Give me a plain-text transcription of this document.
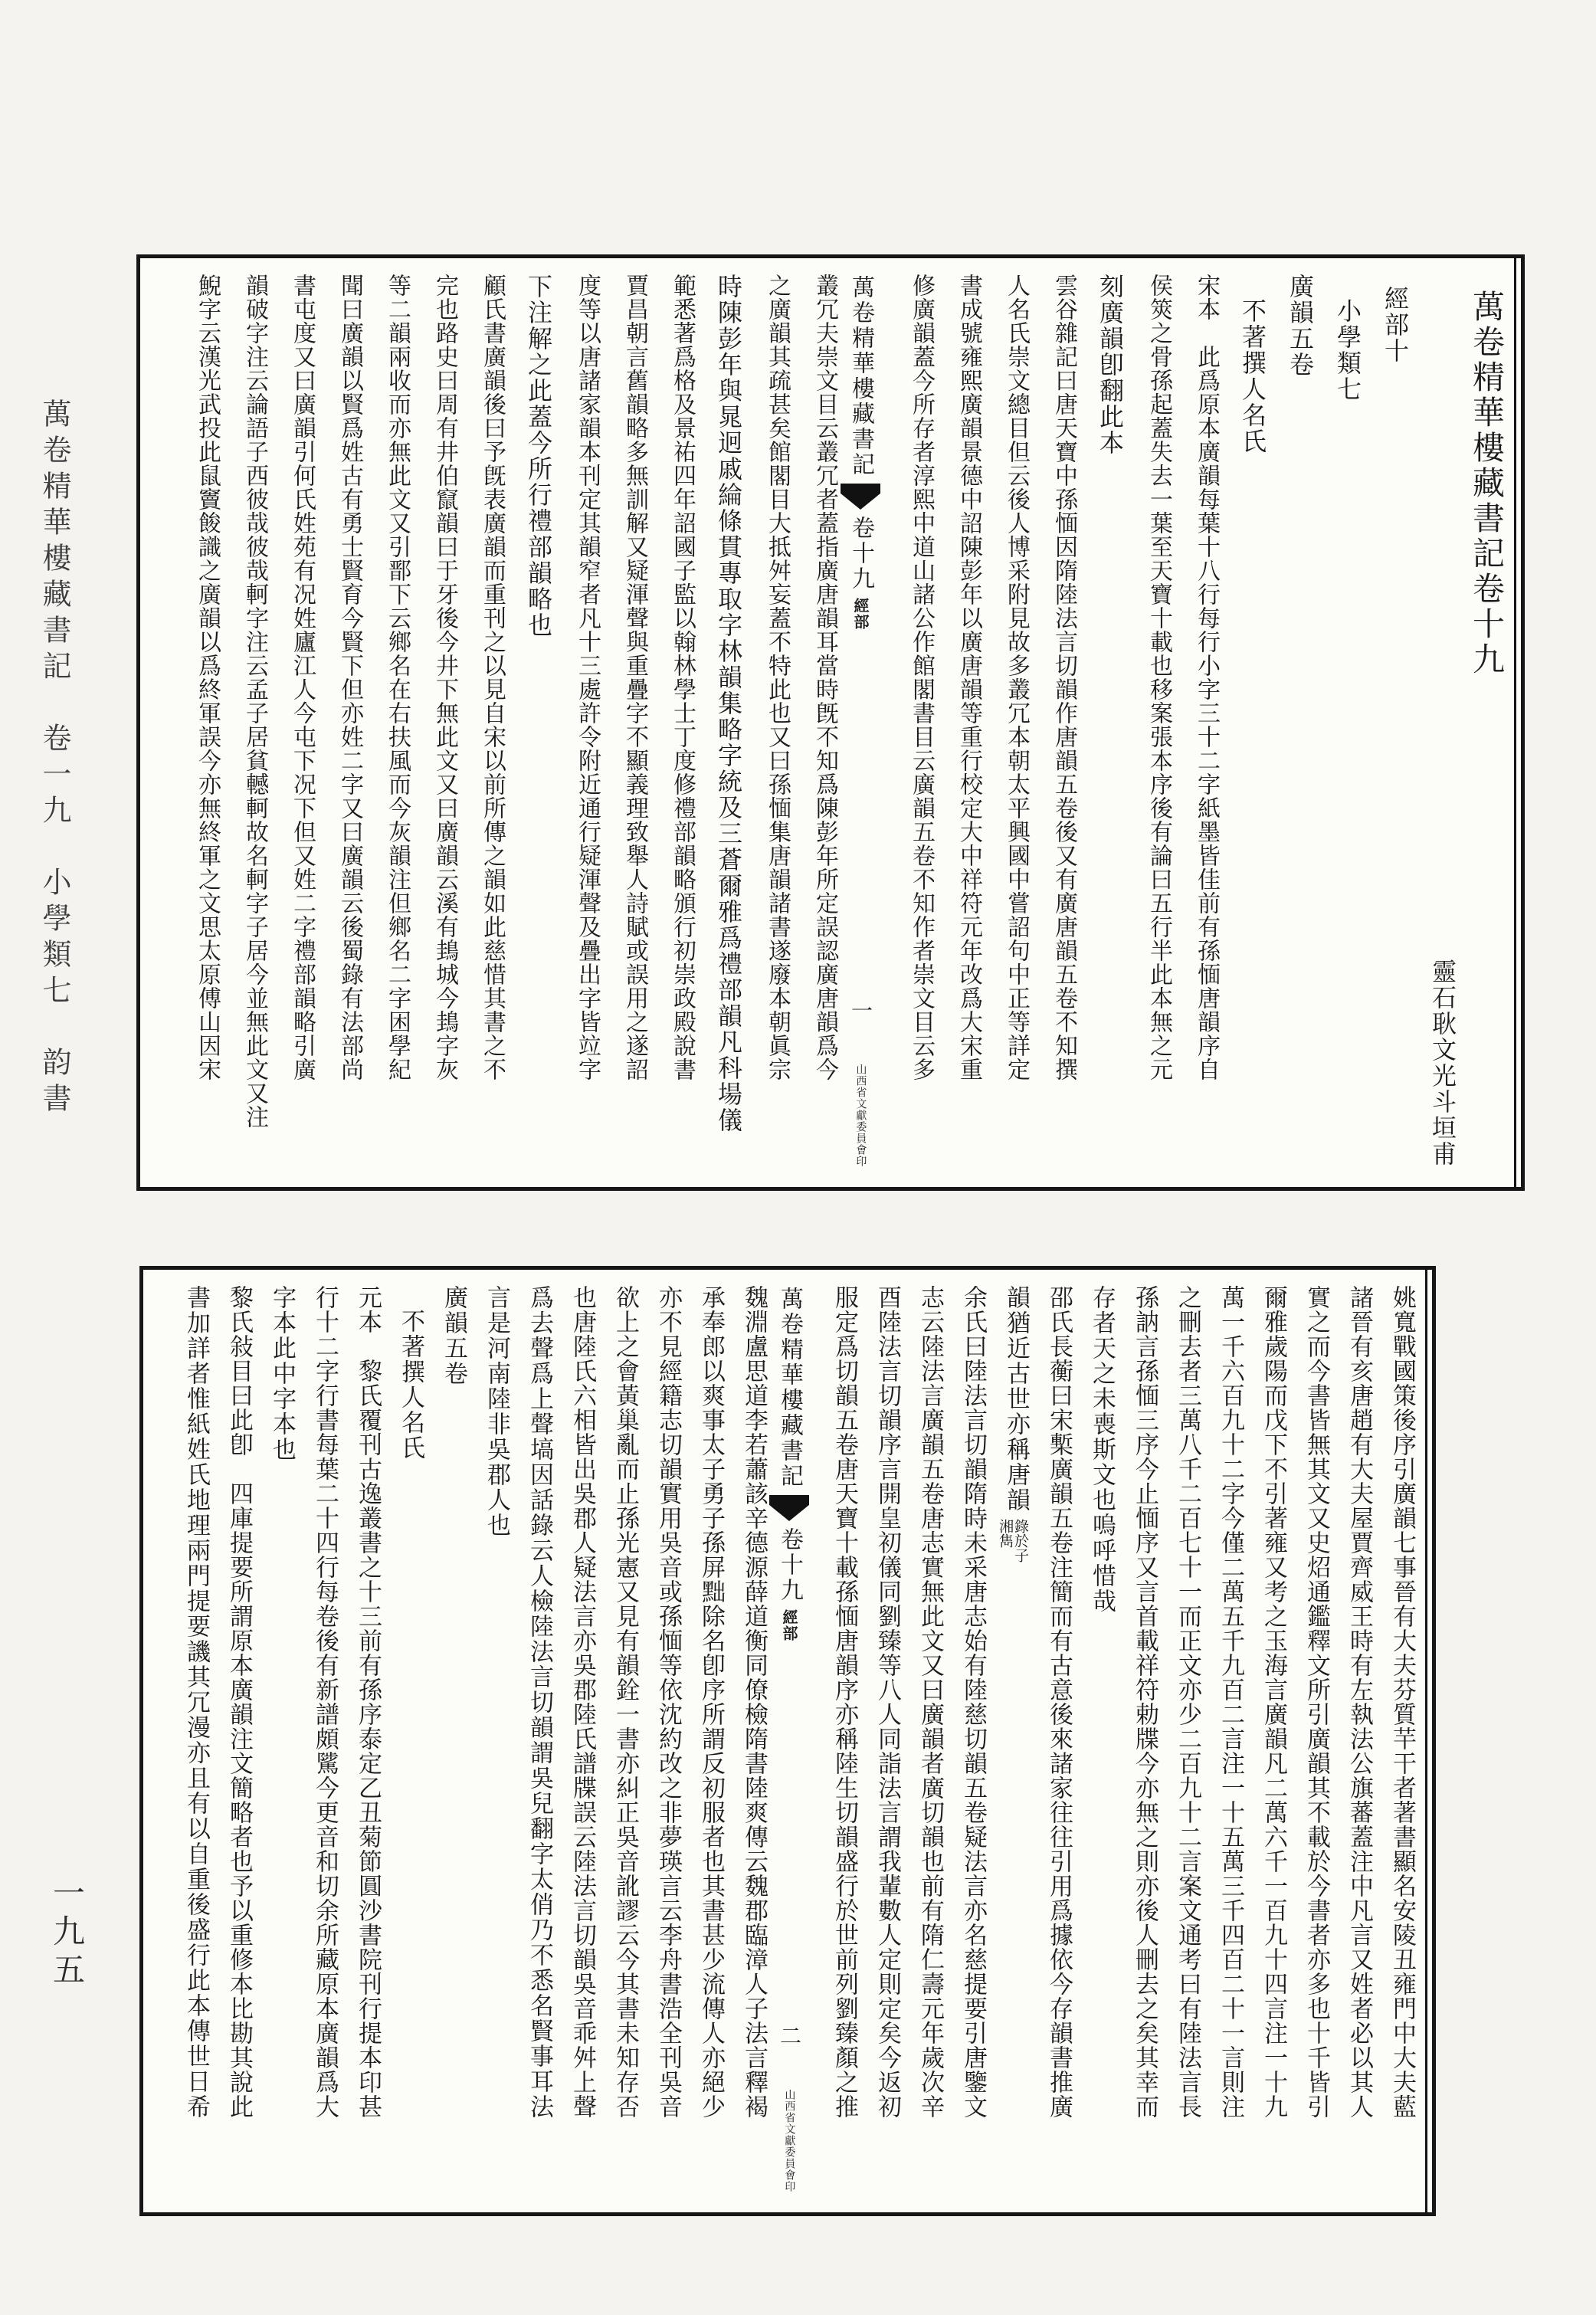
萬卷精華樓藏書記　卷一九　小學類七　韵書
一九五
萬卷精華樓藏書記卷十九
靈石耿文光斗垣甫
經部十
小學類七
廣韻五卷
不著撰人名氏
宋本　此爲原本廣韻每葉十八行每行小字三十二字紙墨皆佳前有孫愐唐韻序自
侯筴之骨孫起蓋失去一葉至天寶十載也移案張本序後有論曰五行半此本無之元
刻廣韻卽翻此本
雲谷雜記曰唐天寶中孫愐因隋陸法言切韻作唐韻五卷後又有廣唐韻五卷不知撰
人名氏崇文總目但云後人博采附見故多叢冗本朝太平興國中嘗詔句中正等詳定
書成號雍熙廣韻景德中詔陳彭年以廣唐韻等重行校定大中祥符元年改爲大宋重
修廣韻蓋今所存者淳熙中道山諸公作館閣書目云廣韻五卷不知作者崇文目云多
萬卷精華樓藏書記
卷十九
經部
一
山西省文獻委員會印
叢冗夫崇文目云叢冗者蓋指廣唐韻耳當時旣不知爲陳彭年所定誤認廣唐韻爲今
之廣韻其疏甚矣館閣目大抵舛妄蓋不特此也又曰孫愐集唐韻諸書遂廢本朝眞宗
時陳彭年與晁迥戚綸條貫專取字林韻集略字統及三蒼爾雅爲禮部韻凡科場儀
範悉著爲格及景祐四年詔國子監以翰林學士丁度修禮部韻略頒行初崇政殿說書
賈昌朝言舊韻略多無訓解又疑渾聲與重疊字不顯義理致舉人詩賦或誤用之遂詔
度等以唐諸家韻本刊定其韻窄者凡十三處許令附近通行疑渾聲及疊出字皆竝字
下注解之此蓋今所行禮部韻略也
顧氏書廣韻後曰予旣表廣韻而重刊之以見自宋以前所傳之韻如此慈惜其書之不
完也路史曰周有井伯竄韻曰于牙後今井下無此文又曰廣韻云溪有䳏城今䳏字灰
等二韻兩收而亦無此文又引鄑下云鄉名在右扶風而今灰韻注但鄉名二字困學紀
聞曰廣韻以賢爲姓古有勇士賢育今賢下但亦姓二字又曰廣韻云後蜀錄有法部尚
書屯度又曰廣韻引何氏姓苑有况姓廬江人今屯下况下但又姓二字禮部韻略引廣
韻破字注云論語子西彼哉彼哉軻字注云孟子居貧轗軻故名軻字子居今並無此文又注
鯢字云漢光武投此鼠竇餕識之廣韻以爲終軍誤今亦無終軍之文思太原傅山因宋
姚寬戰國策後序引廣韻七事晉有大夫芬質芉干者著書顯名安陵丑雍門中大夫藍
諸晉有亥唐趙有大夫屋賈齊威王時有左執法公旗蕃蓋注中凡言又姓者必以其人
實之而今書皆無其文又史炤通鑑釋文所引廣韻其不載於今書者亦多也十千皆引
爾雅歲陽而戊下不引著雍又考之玉海言廣韻凡二萬六千一百九十四言注一十九
萬一千六百九十二字今僅二萬五千九百二言注一十五萬三千四百二十一言則注
之刪去者三萬八千二百七十一而正文亦少二百九十二言案文通考曰有陸法言長
孫訥言孫愐三序今止愐序又言首載祥符勅牒今亦無之則亦後人刪去之矣其幸而
存者天之未喪斯文也嗚呼惜哉
邵氏長蘅曰宋槧廣韻五卷注簡而有古意後來諸家往往引用爲據依今存韻書推廣
韻猶近古世亦稱唐韻
錄於子
湘雋
余氏曰陸法言切韻隋時未采唐志始有陸慈切韻五卷疑法言亦名慈提要引唐鑒文
志云陸法言廣韻五卷唐志實無此文又曰廣韻者廣切韻也前有隋仁壽元年歲次辛
酉陸法言切韻序言開皇初儀同劉臻等八人同詣法言謂我輩數人定則定矣今返初
服定爲切韻五卷唐天寶十載孫愐唐韻序亦稱陸生切韻盛行於世前列劉臻顏之推
萬卷精華樓藏書記
卷十九
經部
二
山西省文獻委員會印
魏淵盧思道李若蕭該辛德源薛道衡同僚檢隋書陸爽傳云魏郡臨漳人子法言釋褐
承奉郎以爽事太子勇子孫屏黜除名卽序所謂反初服者也其書甚少流傳人亦絕少
亦不見經籍志切韻實用吳音或孫愐等依沈約改之非夢瑛言云李舟書浩全刊吳音
欲上之會黃巢亂而止孫光憲又見有韻銓一書亦糾正吳音訛謬云今其書未知存否
也唐陸氏六相皆出吳郡人疑法言亦吳郡陸氏譜牒誤云陸法言切韻吳音乖舛上聲
爲去聲爲上聲塙因話錄云人檢陸法言切韻謂吳兒翻字太俏乃不悉名賢事耳法
言是河南陸非吳郡人也
廣韻五卷
不著撰人名氏
元本　黎氏覆刊古逸叢書之十三前有孫序泰定乙丑菊節圓沙書院刊行提本印甚
行十二字行書每葉二十四行每卷後有新譜頗騭今更音和切余所藏原本廣韻爲大
字本此中字本也
黎氏敍目曰此卽　四庫提要所謂原本廣韻注文簡略者也予以重修本比勘其說此
書加詳者惟紙姓氏地理兩門提要譏其冗漫亦且有以自重後盛行此本傳世日希
